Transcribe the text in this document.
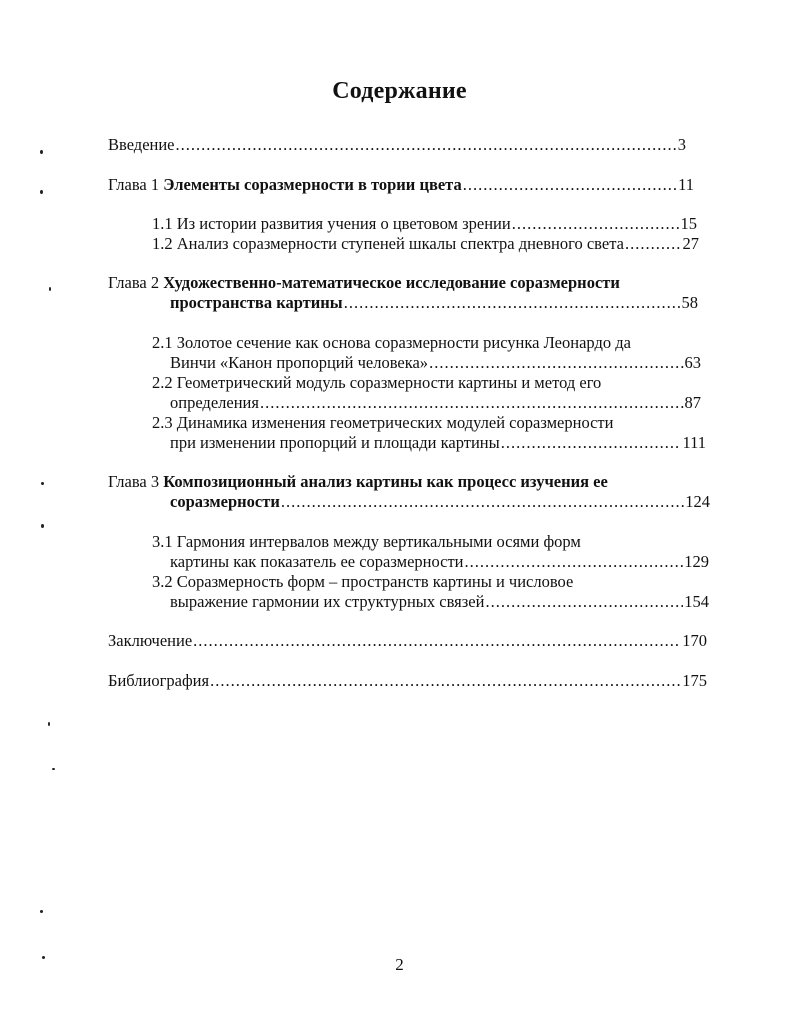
Содержание
Введение .....	3
Глава 1 Элементы соразмерности в тории цвета .....	11
1.1 Из истории развития учения о цветовом зрении .....	15
1.2 Анализ соразмерности ступеней шкалы спектра дневного света .....	27
Глава 2 Художественно-математическое исследование соразмерности
пространства картины .....	58
2.1 Золотое сечение как основа соразмерности рисунка Леонардо да
Винчи «Канон пропорций человека» .....	63
2.2 Геометрический модуль соразмерности картины и метод его
определения .....	87
2.3 Динамика изменения геометрических модулей соразмерности
при изменении пропорций и площади картины .....	111
Глава 3 Композиционный анализ картины как процесс изучения ее
соразмерности .....	124
3.1 Гармония интервалов между вертикальными осями форм
картины как показатель ее соразмерности .....	129
3.2 Соразмерность форм – пространств картины и числовое
выражение гармонии их структурных связей .....	154
Заключение .....	170
Библиография .....	175
2
